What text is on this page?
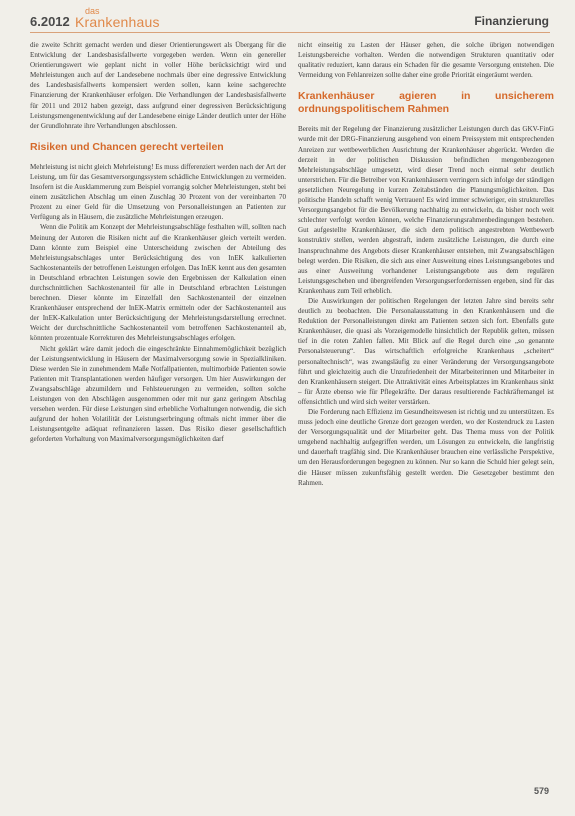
6.2012
das
Krankenhaus	Finanzierung

die zweite Schritt gemacht werden und dieser Orientierungswert als Übergang für die Entwicklung der Landesbasisfallwerte vorgegeben werden. Wenn ein genereller Orientierungswert wie geplant nicht in voller Höhe berücksichtigt wird und Mehrleistungen auch auf der Landesebene nochmals über eine degressive Entwicklung des Landesbasisfallwerts kompensiert werden sollen, kann keine sachgerechte Finanzierung der Krankenhäuser erfolgen. Die Verhandlungen der Landesbasisfallwerte für 2011 und 2012 haben gezeigt, dass aufgrund einer degressiven Berücksichtigung Leistungsmengenentwicklung auf der Landesebene einige Länder deutlich unter der Höhe der Grundlohnrate ihre Verhandlungen abschlossen.

Risiken und Chancen gerecht verteilen

Mehrleistung ist nicht gleich Mehrleistung! Es muss differenziert werden nach der Art der Leistung, um für das Gesamtversorgungssystem schädliche Entwicklungen zu vermeiden. Insofern ist die Ausklammerung zum Beispiel vorrangig solcher Mehrleistungen, steht bei einem zusätzlichen Abschlag um einen Zuschlag 30 Prozent von der vereinbarten 70 Prozent zu einer Geld für die Umsetzung von Personalleistungen an Patienten zur Verfügung als in Häusern, die zusätzliche Mehrleistungen erzeugen.

Wenn die Politik am Konzept der Mehrleistungsabschläge festhalten will, sollten nach Meinung der Autoren die Risiken nicht auf die Krankenhäuser gleich verteilt werden. Dann könnte zum Beispiel eine Unterscheidung zwischen der Abteilung des Mehrleistungsabschlages unter Berücksichtigung des von InEK kalkulierten Sachkostenanteils der betroffenen Leistungen erfolgen. Das InEK kennt aus den gesamten in Deutschland erbrachten Leistungen sowie den Ergebnissen der Kalkulation einen durchschnittlichen Sachkostenanteil für alle in Deutschland erbrachten Leistungen berechnen. Dieser könnte im Einzelfall den Sachkostenanteil der einzelnen Krankenhäuser entsprechend der InEK-Matrix ermitteln oder der Sachkostenanteil aus der InEK-Kalkulation unter Berücksichtigung der Mehrleistungsdarstellung errechnet. Weicht der durchschnittliche Sachkostenanteil vom betroffenen Sachkostenanteil ab, könnten prozentuale Korrekturen des Mehrleistungsabschlages erfolgen.

Nicht geklärt wäre damit jedoch die eingeschränkte Einnahmemöglichkeit bezüglich der Leistungsentwicklung in Häusern der Maximalversorgung sowie in Spezialkliniken. Diese werden Sie in zunehmendem Maße Notfallpatienten, multimorbide Patienten sowie Patienten mit Transplantationen werden häufiger versorgen. Um hier Auswirkungen der Zwangsabschläge abzumildern und Fehlsteuerungen zu vermeiden, sollten solche Leistungen von den Abschlägen ausgenommen oder mit nur ganz geringem Abschlag versehen werden. Für diese Leistungen sind erhebliche Vorhaltungen notwendig, die sich aufgrund der hohen Volatilität der Leistungserbringung oftmals nicht immer über die Leistungsentgelte adäquat refinanzieren lassen. Das Risiko dieser gesellschaftlich geforderten Vorhaltung von Maximalversorgungsmöglichkeiten darf

nicht einseitig zu Lasten der Häuser gehen, die solche übrigen notwendigen Leistungsbereiche vorhalten. Werden die notwendigen Strukturen quantitativ oder qualitativ reduziert, kann daraus ein Schaden für die gesamte Versorgung entstehen. Die Vermeidung von Fehlanreizen sollte daher eine große Priorität eingeräumt werden.

Krankenhäuser agieren in unsicherem ordnungspolitischem Rahmen

Bereits mit der Regelung der Finanzierung zusätzlicher Leistungen durch das GKV-FinG wurde mit der DRG-Finanzierung ausgehend von einem Preissystem mit entsprechenden Anreizen zur wettbewerblichen Ausrichtung der Krankenhäuser abgerückt. Werden die derzeit in der politischen Diskussion befindlichen mengenbezogenen Mehrleistungsabschläge umgesetzt, wird dieser Trend noch einmal sehr deutlich unterstrichen. Für die Betreiber von Krankenhäusern verringern sich infolge der ständigen gesetzlichen Neuregelung in kurzen Zeitabständen die Planungsmöglichkeiten. Das politische Handeln schafft wenig Vertrauen! Es wird immer schwieriger, ein strukturelles Versorgungsangebot für die Bevölkerung nachhaltig zu entwickeln, da bisher noch weit schlechter verfolgt werden können, welche Finanzierungsrahmenbedingungen bestehen. Gut aufgestellte Krankenhäuser, die sich dem politisch angestrebten Wettbewerb konstruktiv stellen, werden abgestraft, indem zusätzliche Leistungen, die durch eine Inanspruchnahme des Angebots dieser Krankenhäuser entstehen, mit Zwangsabschlägen belegt werden. Die Risiken, die sich aus einer Ausweitung eines Leistungsangebotes und aus einer Ausweitung vorhandener Leistungsangebote aus dem regulären Leistungsgeschehen und übergreifenden Versorgungserfordernissen ergeben, sind für das Krankenhaus zum Teil erheblich.

Die Auswirkungen der politischen Regelungen der letzten Jahre sind bereits sehr deutlich zu beobachten. Die Personalausstattung in den Krankenhäusern und die Reduktion der Personalleistungen direkt am Patienten setzen sich fort. Ebenfalls gute Krankenhäuser, die quasi als Vorzeigemodelle hinsichtlich der Republik gelten, müssen tief in die roten Zahlen fallen. Mit Blick auf die Regel durch eine „so genannte Personalsteuerung“. Das wirtschaftlich erfolgreiche Krankenhaus „scheitert“ personaltechnisch“, was zwangsläufig zu einer Veränderung der Versorgungsangebote führt und gleichzeitig auch die Unzufriedenheit der Mitarbeiterinnen und Mitarbeiter in den Krankenhäusern steigert. Die Attraktivität eines Arbeitsplatzes im Krankenhaus sinkt – für Ärzte ebenso wie für Pflegekräfte. Der daraus resultierende Fachkräftemangel ist offensichtlich und wird sich weiter verstärken.

Die Forderung nach Effizienz im Gesundheitswesen ist richtig und zu unterstützen. Es muss jedoch eine deutliche Grenze dort gezogen werden, wo der Kostendruck zu Lasten der Versorgungsqualität und der Mitarbeiter geht. Das Thema muss von der Politik umgehend nachhaltig aufgegriffen werden, um Lösungen zu entwickeln, die langfristig und dauerhaft tragfähig sind. Die Krankenhäuser brauchen eine verlässliche Perspektive, um den Herausforderungen begegnen zu können. Nur so kann die Schuld hier gelegt sein, die Häuser müssen zukunftsfähig gestellt werden. Die Gesetzgeber bestimmt den Rahmen.

579
